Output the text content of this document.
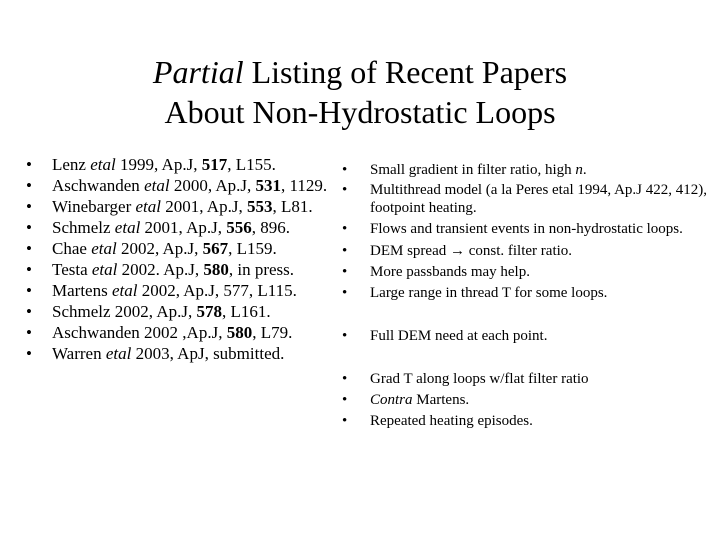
Partial Listing of Recent Papers
About Non-Hydrostatic Loops
• Lenz etal 1999, Ap.J, 517, L155.
• Aschwanden etal 2000, Ap.J, 531, 1129.
• Winebarger etal 2001, Ap.J, 553, L81.
• Schmelz etal 2001, Ap.J, 556, 896.
• Chae etal 2002, Ap.J, 567, L159.
• Testa etal 2002. Ap.J, 580, in press.
• Martens etal 2002, Ap.J, 577, L115.
• Schmelz 2002, Ap.J, 578, L161.
• Aschwanden 2002 ,Ap.J, 580, L79.
• Warren etal 2003, ApJ, submitted.
• Small gradient in filter ratio, high n.
• Multithread model (a la Peres etal 1994, Ap.J 422, 412), footpoint heating.
• Flows and transient events in non-hydrostatic loops.
• DEM spread → const. filter ratio.
• More passbands may help.
• Large range in thread T for some loops.
• Full DEM need at each point.
• Grad T along loops w/flat filter ratio
• Contra Martens.
• Repeated heating episodes.
